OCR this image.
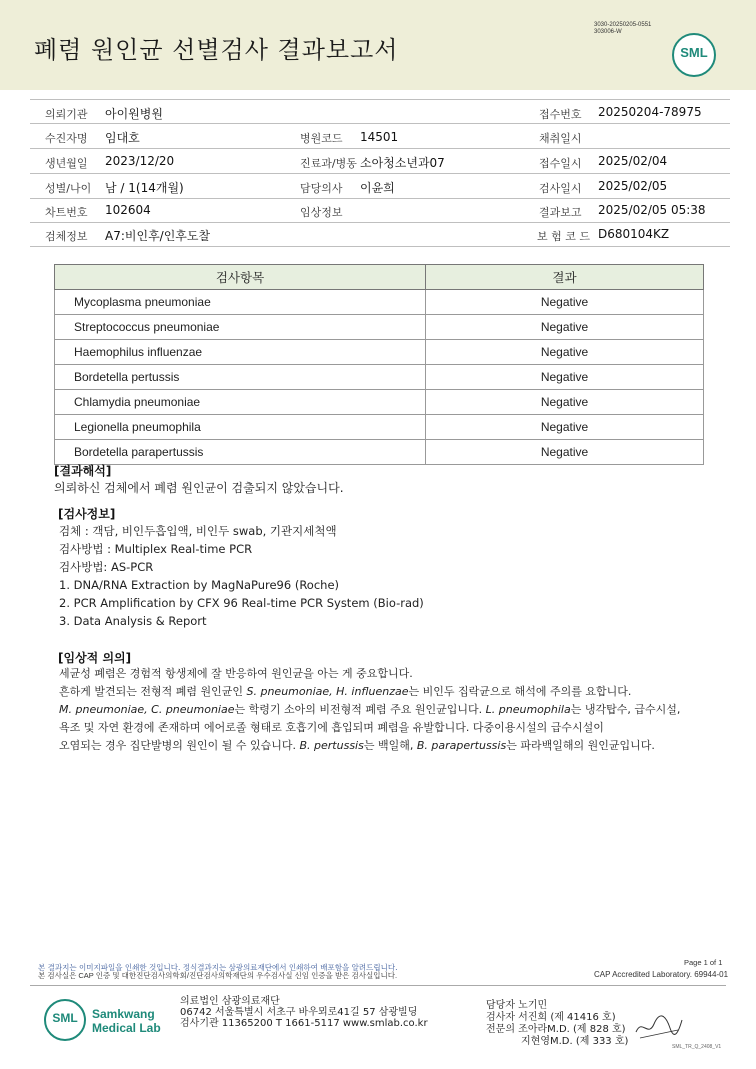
폐렴 원인균 선별검사 결과보고서
3030-20250205-0551
303006-W
SML
의뢰기관 아이원병원	접수번호 20250204-78975
수진자명 임대호	병원코드 14501	채취일시
생년월일 2023/12/20	진료과/병동 소아청소년과07	접수일시 2025/02/04
성별/나이 남 / 1(14개월)	담당의사 이윤희	검사일시 2025/02/05
차트번호 102604	임상정보	결과보고 2025/02/05 05:38
검체정보 A7:비인후/인후도찰	보 험 코 드 D680104KZ
검사항목	결과
Mycoplasma pneumoniae	Negative
Streptococcus pneumoniae	Negative
Haemophilus influenzae	Negative
Bordetella pertussis	Negative
Chlamydia pneumoniae	Negative
Legionella pneumophila	Negative
Bordetella parapertussis	Negative
[결과해석]
의뢰하신 검체에서 폐렴 원인균이 검출되지 않았습니다.
[검사정보]
검체 : 객담, 비인두흡입액, 비인두 swab, 기관지세척액
검사방법 : Multiplex Real-time PCR
검사방법: AS-PCR
1. DNA/RNA Extraction by MagNaPure96 (Roche)
2. PCR Amplification by CFX 96 Real-time PCR System (Bio-rad)
3. Data Analysis & Report
[임상적 의의]
세균성 폐렴은 경험적 항생제에 잘 반응하여 원인균을 아는 게 중요합니다.
흔하게 발견되는 전형적 폐렴 원인균인 S. pneumoniae, H. influenzae는 비인두 집락균으로 해석에 주의를 요합니다.
M. pneumoniae, C. pneumoniae는 학령기 소아의 비전형적 폐렴 주요 원인균입니다. L. pneumophila는 냉각탑수, 급수시설,
욕조 및 자연 환경에 존재하며 에어로졸 형태로 호흡기에 흡입되며 폐렴을 유발합니다. 다중이용시설의 급수시설이
오염되는 경우 집단발병의 원인이 될 수 있습니다. B. pertussis는 백일해, B. parapertussis는 파라백일해의 원인균입니다.
본 결과지는 이미지파일을 인쇄한 것입니다. 정식결과지는 삼광의료재단에서 인쇄하여 배포함을 알려드립니다.
본 검사실은 CAP 인증 및 대한진단검사의학회/진단검사의학재단의 우수검사실 신임 인증을 받은 검사실입니다.
Page 1 of 1
CAP Accredited Laboratory. 69944-01
SML	Samkwang
Medical Lab
의료법인 삼광의료재단
06742 서울특별시 서초구 바우뫼로41길 57 삼광빌딩
검사기관 11365200 T 1661-5117 www.smlab.co.kr
담당자 노기민
검사자 서진희 (제 41416 호)
전문의 조아라M.D. (제 828 호)
지현영M.D. (제 333 호)	SML_TR_Q_2408_V1
